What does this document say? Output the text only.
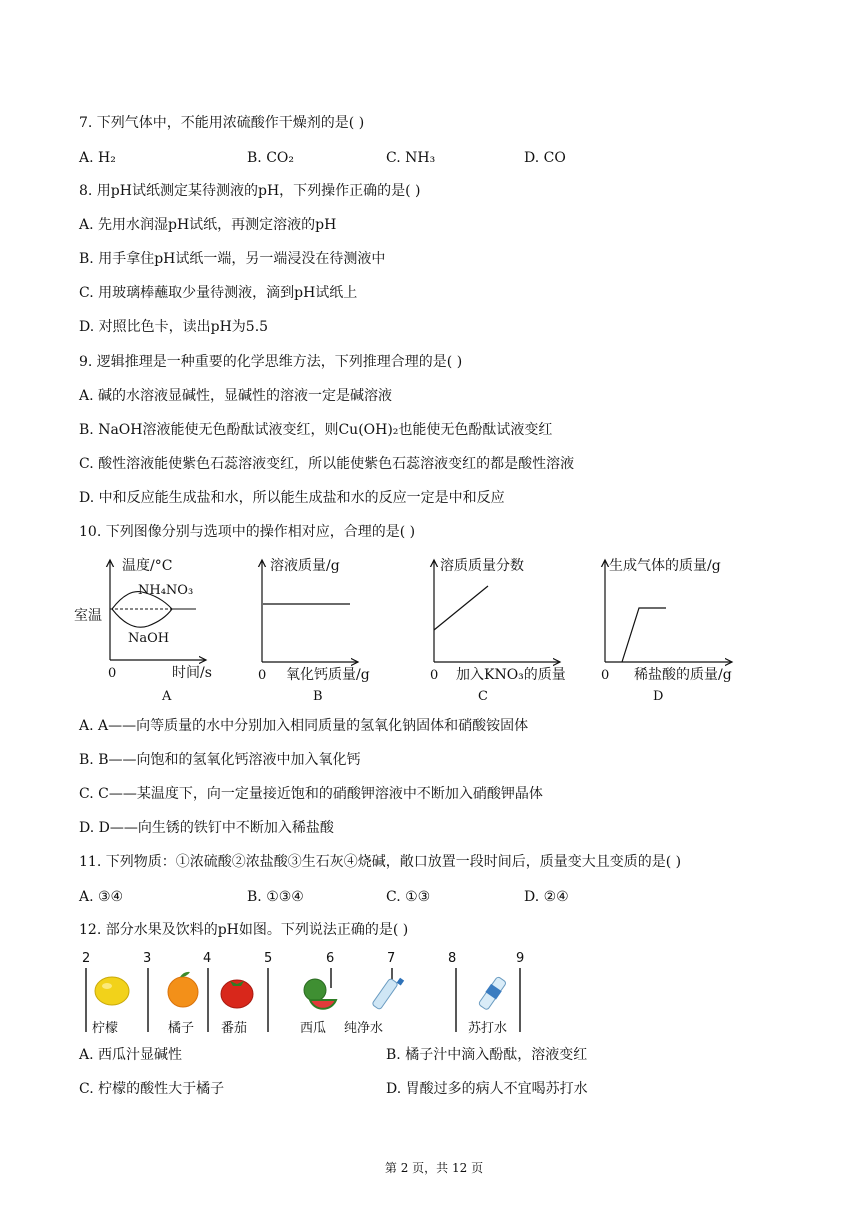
7. 下列气体中，不能用浓硫酸作干燥剂的是( )
A. H₂	B. CO₂	C. NH₃	D. CO
8. 用pH试纸测定某待测液的pH，下列操作正确的是( )
A. 先用水润湿pH试纸，再测定溶液的pH
B. 用手拿住pH试纸一端，另一端浸没在待测液中
C. 用玻璃棒蘸取少量待测液，滴到pH试纸上
D. 对照比色卡，读出pH为5.5
9. 逻辑推理是一种重要的化学思维方法，下列推理合理的是( )
A. 碱的水溶液显碱性，显碱性的溶液一定是碱溶液
B. NaOH溶液能使无色酚酞试液变红，则Cu(OH)₂也能使无色酚酞试液变红
C. 酸性溶液能使紫色石蕊溶液变红，所以能使紫色石蕊溶液变红的都是酸性溶液
D. 中和反应能生成盐和水，所以能生成盐和水的反应一定是中和反应
10. 下列图像分别与选项中的操作相对应，合理的是( )
温度/°C
时间/s
0
室温
NH₄NO₃
NaOH
A
溶液质量/g
氧化钙质量/g
0
B
溶质质量分数
加入KNO₃的质量
0
C
生成气体的质量/g
稀盐酸的质量/g
0
D
A. A——向等质量的水中分别加入相同质量的氢氧化钠固体和硝酸铵固体
B. B——向饱和的氢氧化钙溶液中加入氧化钙
C. C——某温度下，向一定量接近饱和的硝酸钾溶液中不断加入硝酸钾晶体
D. D——向生锈的铁钉中不断加入稀盐酸
11. 下列物质：①浓硫酸②浓盐酸③生石灰④烧碱，敞口放置一段时间后，质量变大且变质的是( )
A. ③④	B. ①③④	C. ①③	D. ②④
12. 部分水果及饮料的pH如图。下列说法正确的是( )
2	3	4	5	6	7	8	9
柠檬	橘子 番茄	西瓜 纯净水	苏打水
A. 西瓜汁显碱性	B. 橘子汁中滴入酚酞，溶液变红
C. 柠檬的酸性大于橘子	D. 胃酸过多的病人不宜喝苏打水
第 2 页，共 12 页
